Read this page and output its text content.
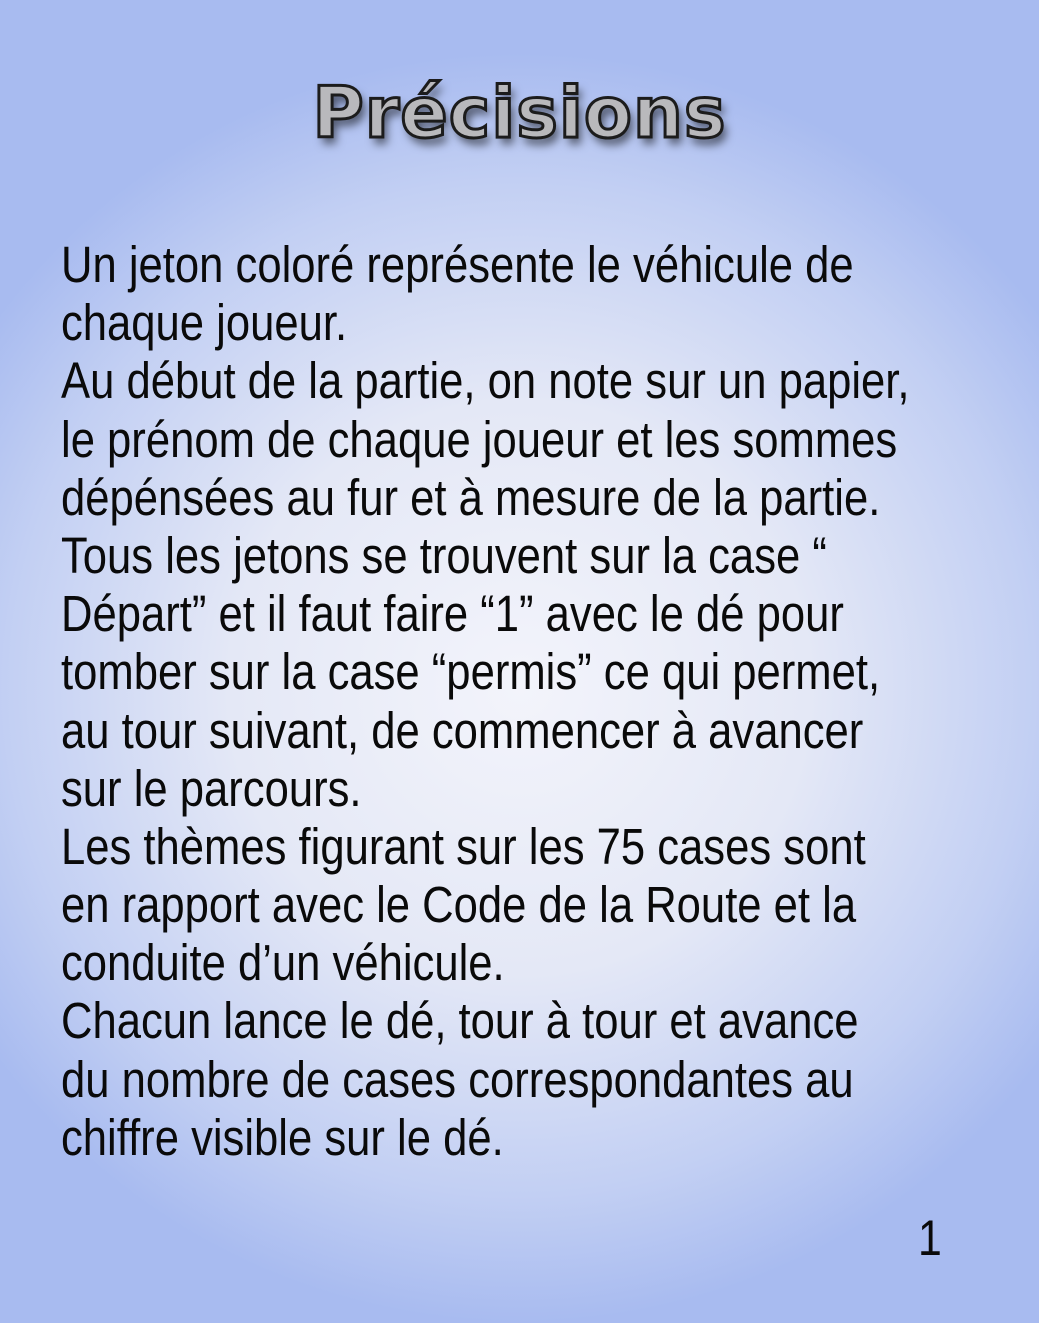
Précisions
Un jeton coloré représente le véhicule de
chaque joueur.
Au début de la partie, on note sur un papier,
le prénom de chaque joueur et les sommes
dépénsées au fur et à mesure de la partie.
Tous les jetons se trouvent sur la case “
Départ” et il faut faire “1” avec le dé pour
tomber sur la case “permis” ce qui permet,
au tour suivant, de commencer à avancer
sur le parcours.
Les thèmes figurant sur les 75 cases sont
en rapport avec le Code de la Route et la
conduite d’un véhicule.
Chacun lance le dé, tour à tour et avance
du nombre de cases correspondantes au
chiffre visible sur le dé.
1
